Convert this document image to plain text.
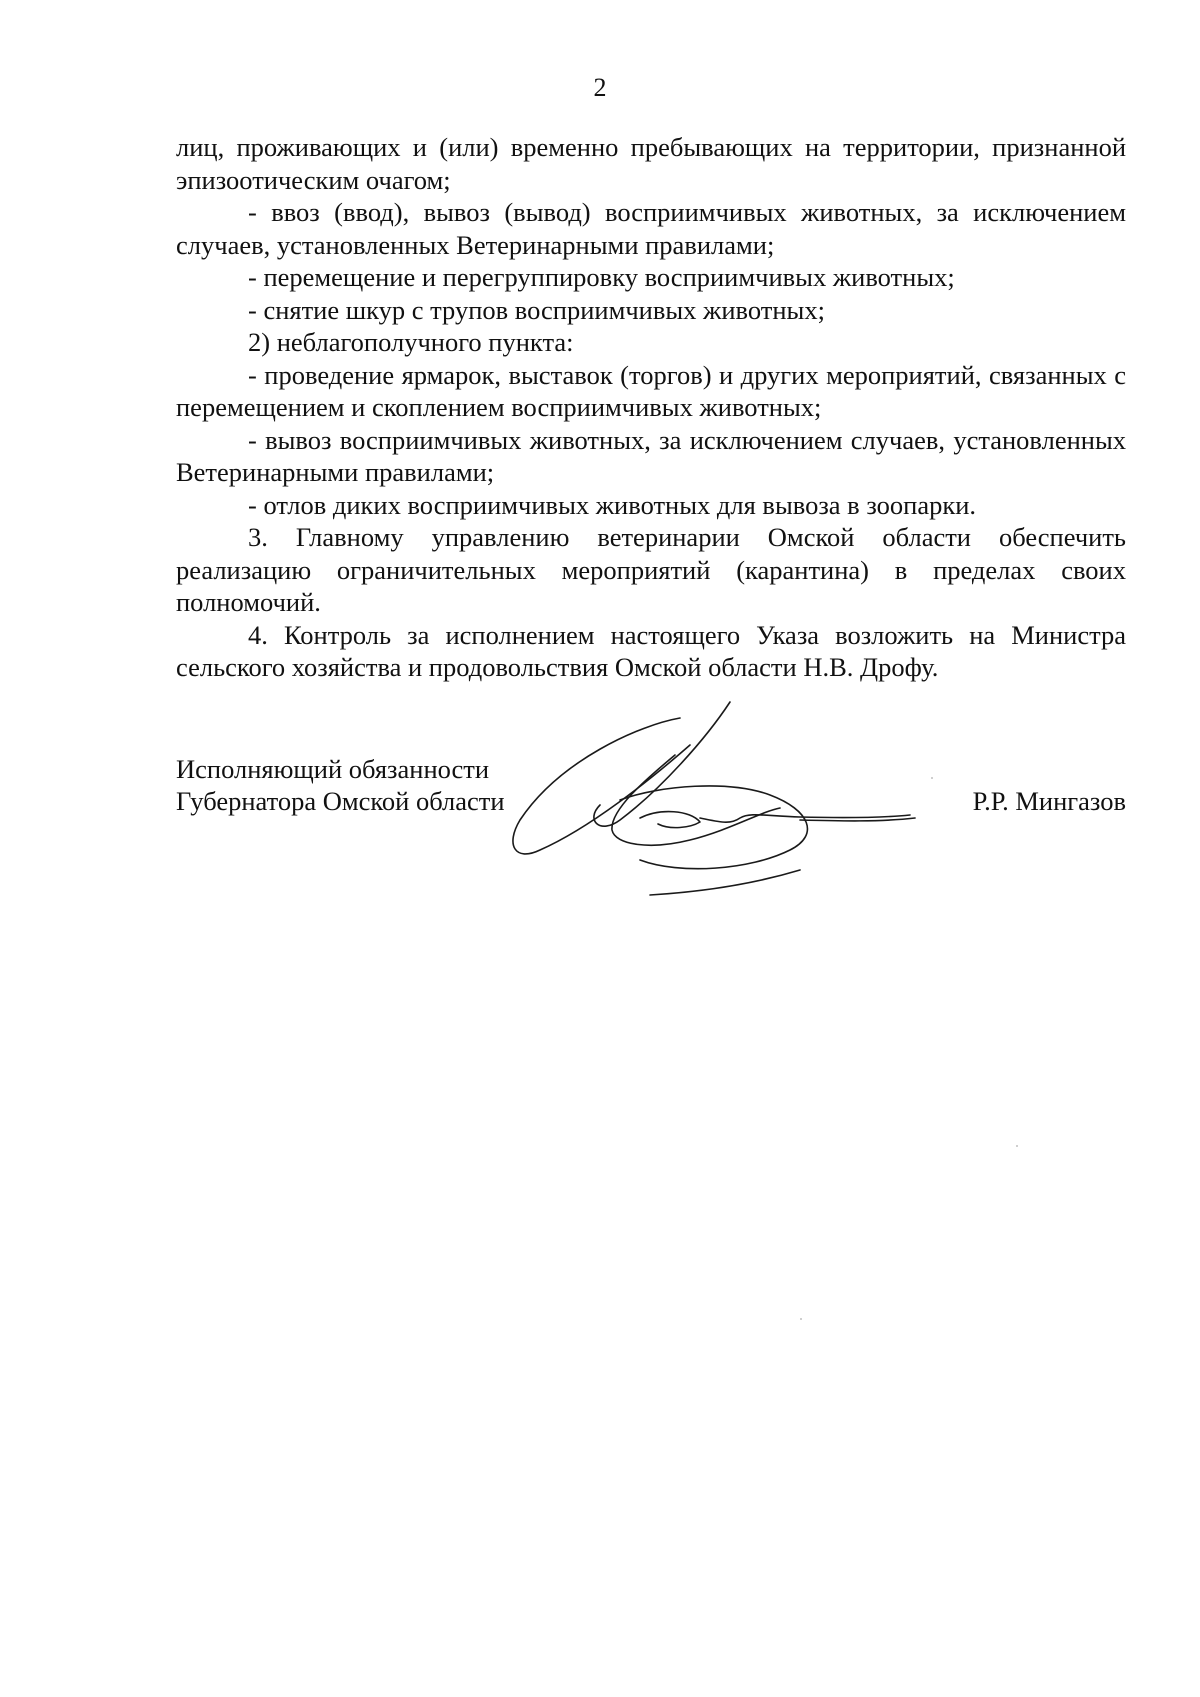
2

лиц, проживающих и (или) временно пребывающих на территории, признанной эпизоотическим очагом;

- ввоз (ввод), вывоз (вывод) восприимчивых животных, за исключением случаев, установленных Ветеринарными правилами;

- перемещение и перегруппировку восприимчивых животных;

- снятие шкур с трупов восприимчивых животных;

2) неблагополучного пункта:

- проведение ярмарок, выставок (торгов) и других мероприятий, связанных с перемещением и скоплением восприимчивых животных;

- вывоз восприимчивых животных, за исключением случаев, установленных Ветеринарными правилами;

- отлов диких восприимчивых животных для вывоза в зоопарки.

3. Главному управлению ветеринарии Омской области обеспечить реализацию ограничительных мероприятий (карантина) в пределах своих полномочий.

4. Контроль за исполнением настоящего Указа возложить на Министра сельского хозяйства и продовольствия Омской области Н.В. Дрофу.

Исполняющий обязанности
Губернатора Омской области	Р.Р. Мингазов
